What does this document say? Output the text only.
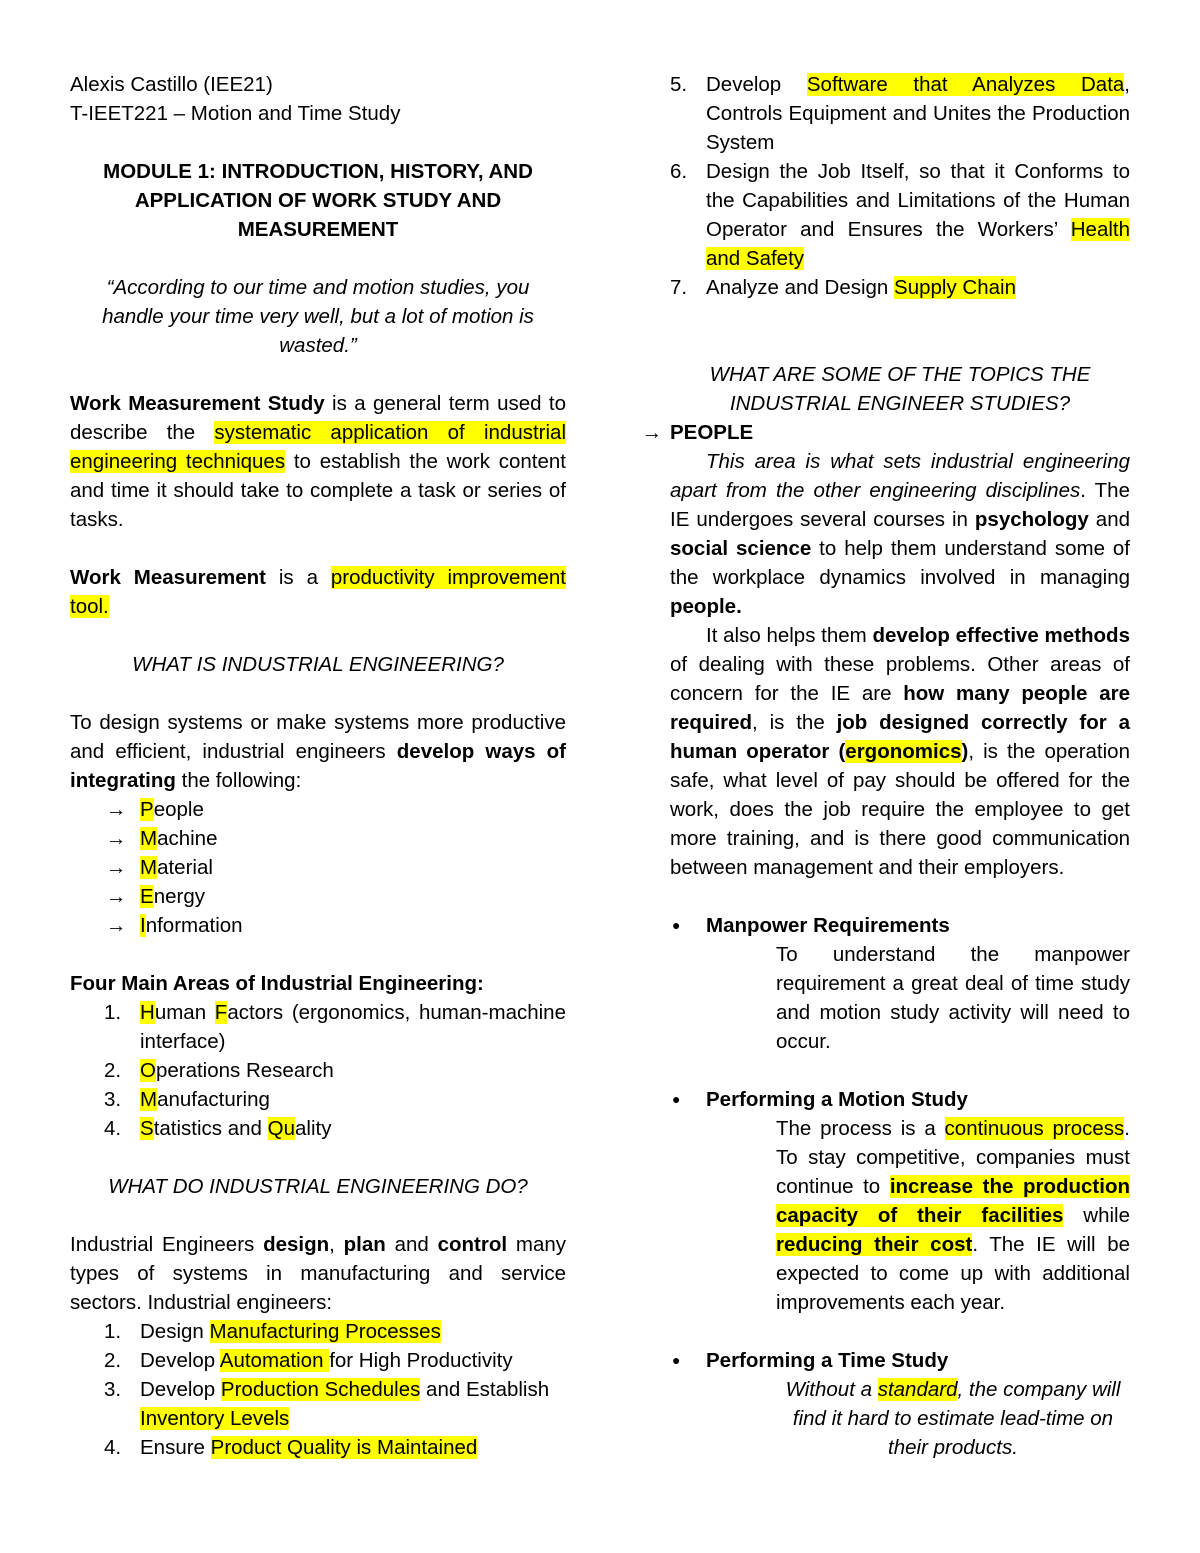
Alexis Castillo (IEE21)

T-IEET221 – Motion and Time Study

MODULE 1: INTRODUCTION, HISTORY, AND
APPLICATION OF WORK STUDY AND
MEASUREMENT

“According to our time and motion studies, you
handle your time very well, but a lot of motion is
wasted.”

Work Measurement Study is a general term used to describe the systematic application of industrial engineering techniques to establish the work content and time it should take to complete a task or series of tasks.

Work Measurement is a productivity improvement tool.

WHAT IS INDUSTRIAL ENGINEERING?

To design systems or make systems more productive and efficient, industrial engineers develop ways of integrating the following:

→ People
→ Machine
→ Material
→ Energy
→ Information

Four Main Areas of Industrial Engineering:

1. Human Factors (ergonomics, human-machine interface)
2. Operations Research
3. Manufacturing
4. Statistics and Quality

WHAT DO INDUSTRIAL ENGINEERING DO?

Industrial Engineers design, plan and control many types of systems in manufacturing and service sectors. Industrial engineers:

1. Design Manufacturing Processes
2. Develop Automation for High Productivity
3. Develop Production Schedules and Establish Inventory Levels
4. Ensure Product Quality is Maintained
5. Develop Software that Analyzes Data, Controls Equipment and Unites the Production System
6. Design the Job Itself, so that it Conforms to the Capabilities and Limitations of the Human Operator and Ensures the Workers’ Health and Safety
7. Analyze and Design Supply Chain

WHAT ARE SOME OF THE TOPICS THE INDUSTRIAL ENGINEER STUDIES?

→ PEOPLE

This area is what sets industrial engineering apart from the other engineering disciplines. The IE undergoes several courses in psychology and social science to help them understand some of the workplace dynamics involved in managing people.

It also helps them develop effective methods of dealing with these problems. Other areas of concern for the IE are how many people are required, is the job designed correctly for a human operator (ergonomics), is the operation safe, what level of pay should be offered for the work, does the job require the employee to get more training, and is there good communication between management and their employers.

● Manpower Requirements

To understand the manpower requirement a great deal of time study and motion study activity will need to occur.

● Performing a Motion Study

The process is a continuous process. To stay competitive, companies must continue to increase the production capacity of their facilities while reducing their cost. The IE will be expected to come up with additional improvements each year.

● Performing a Time Study

Without a standard, the company will find it hard to estimate lead-time on their products.
